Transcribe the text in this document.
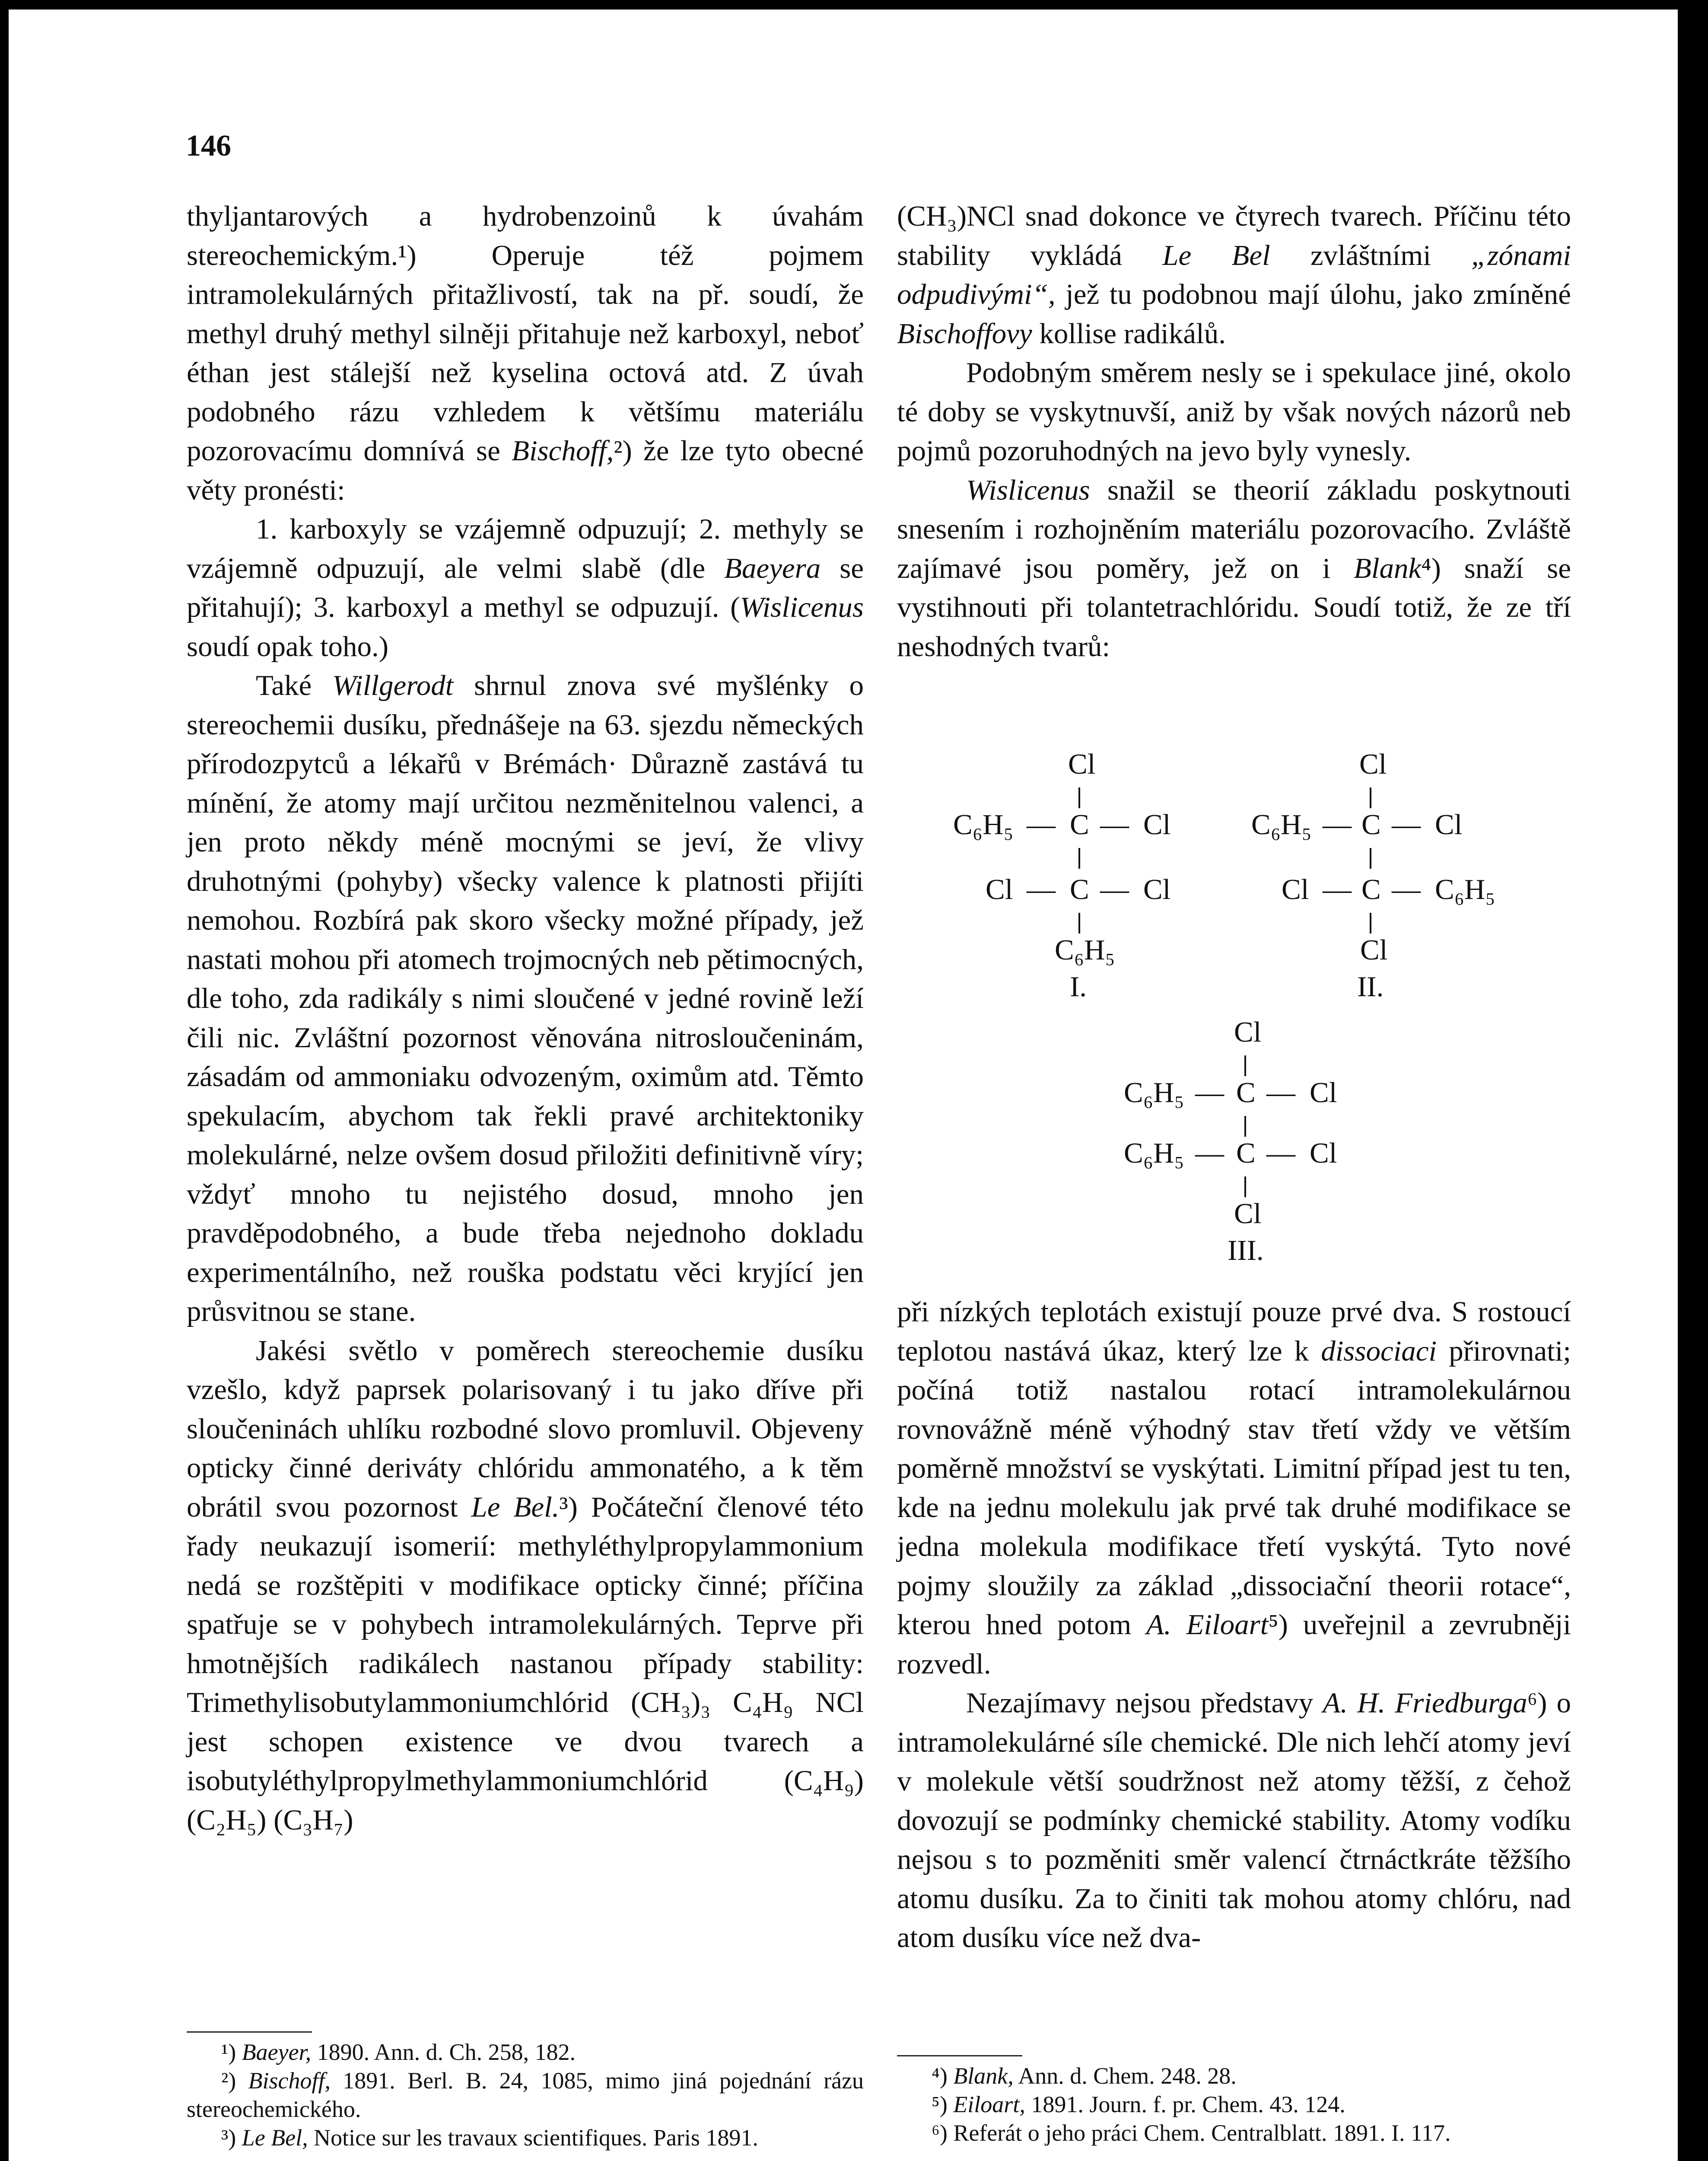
146

thyljantarových a hydrobenzoinů k úvahám stereochemickým.¹) Operuje též pojmem intramolekulárných přitažlivostí, tak na př. soudí, že methyl druhý methyl silněji přitahuje než karboxyl, neboť éthan jest stálejší než kyselina octová atd. Z úvah podobného rázu vzhledem k většímu materiálu pozorovacímu domnívá se Bischoff,²) že lze tyto obecné věty pronésti:

1. karboxyly se vzájemně odpuzují; 2. methyly se vzájemně odpuzují, ale velmi slabě (dle Baeyera se přitahují); 3. karboxyl a methyl se odpuzují. (Wislicenus soudí opak toho.)

Také Willgerodt shrnul znova své myšlénky o stereochemii dusíku, přednášeje na 63. sjezdu německých přírodozpytců a lékařů v Brémách· Důrazně zastává tu mínění, že atomy mají určitou nezměnitelnou valenci, a jen proto někdy méně mocnými se jeví, že vlivy druhotnými (pohyby) všecky valence k platnosti přijíti nemohou. Rozbírá pak skoro všecky možné případy, jež nastati mohou při atomech trojmocných neb pětimocných, dle toho, zda radikály s nimi sloučené v jedné rovině leží čili nic. Zvláštní pozornost věnována nitrosloučeninám, zásadám od ammoniaku odvozeným, oximům atd. Těmto spekulacím, abychom tak řekli pravé architektoniky molekulárné, nelze ovšem dosud přiložiti definitivně víry; vždyť mnoho tu nejistého dosud, mnoho jen pravděpodobného, a bude třeba nejednoho dokladu experimentálního, než rouška podstatu věci kryjící jen průsvitnou se stane.

Jakési světlo v poměrech stereochemie dusíku vzešlo, když paprsek polarisovaný i tu jako dříve při sloučeninách uhlíku rozbodné slovo promluvil. Objeveny opticky činné deriváty chlóridu ammonatého, a k těm obrátil svou pozornost Le Bel.³) Počáteční členové této řady neukazují isomerií: methyléthylpropylammonium nedá se rozštěpiti v modifikace opticky činné; příčina spatřuje se v pohybech intramolekulárných. Teprve při hmotnějších radikálech nastanou případy stability: Trimethylisobutylammoniumchlórid (CH₃)₃ C₄H₉ NCl jest schopen existence ve dvou tvarech a isobutyléthylpropylmethylammoniumchlórid (C₄H₉) (C₂H₅) (C₃H₇)

¹) Baeyer, 1890. Ann. d. Ch. 258, 182.

²) Bischoff, 1891. Berl. B. 24, 1085, mimo jiná pojednání rázu stereochemického.

³) Le Bel, Notice sur les travaux scientifiques. Paris 1891.

(CH₃)NCl snad dokonce ve čtyrech tvarech. Příčinu této stability vykládá Le Bel zvláštními „zónami odpudivými“, jež tu podobnou mají úlohu, jako zmíněné Bischoffovy kollise radikálů.

Podobným směrem nesly se i spekulace jiné, okolo té doby se vyskytnuvší, aniž by však nových názorů neb pojmů pozoruhodných na jevo byly vynesly.

Wislicenus snažil se theorií základu poskytnouti snesením i rozhojněním materiálu pozorovacího. Zvláště zajímavé jsou poměry, jež on i Blank⁴) snaží se vystihnouti při tolantetrachlóridu. Soudí totiž, že ze tří neshodných tvarů:

Cl
C₆H₅ — C — Cl
Cl — C — Cl
C₆H₅
I.
Cl
C₆H₅ — C — Cl
Cl — C — C₆H₅
Cl
II.
Cl
C₆H₅ — C — Cl
C₆H₅ — C — Cl
Cl
III.

při nízkých teplotách existují pouze prvé dva. S rostoucí teplotou nastává úkaz, který lze k dissociaci přirovnati; počíná totiž nastalou rotací intramolekulárnou rovnovážně méně výhodný stav třetí vždy ve větším poměrně množství se vyskýtati. Limitní případ jest tu ten, kde na jednu molekulu jak prvé tak druhé modifikace se jedna molekula modifikace třetí vyskýtá. Tyto nové pojmy sloužily za základ „dissociační theorii rotace“, kterou hned potom A. Eiloart⁵) uveřejnil a zevrubněji rozvedl.

Nezajímavy nejsou představy A. H. Friedburga⁶) o intramolekulárné síle chemické. Dle nich lehčí atomy jeví v molekule větší soudržnost než atomy těžší, z čehož dovozují se podmínky chemické stability. Atomy vodíku nejsou s to pozměniti směr valencí čtrnáctkráte těžšího atomu dusíku. Za to činiti tak mohou atomy chlóru, nad atom dusíku více než dva-

⁴) Blank, Ann. d. Chem. 248. 28.

⁵) Eiloart, 1891. Journ. f. pr. Chem. 43. 124.

⁶) Referát o jeho práci Chem. Centralblatt. 1891. I. 117.
